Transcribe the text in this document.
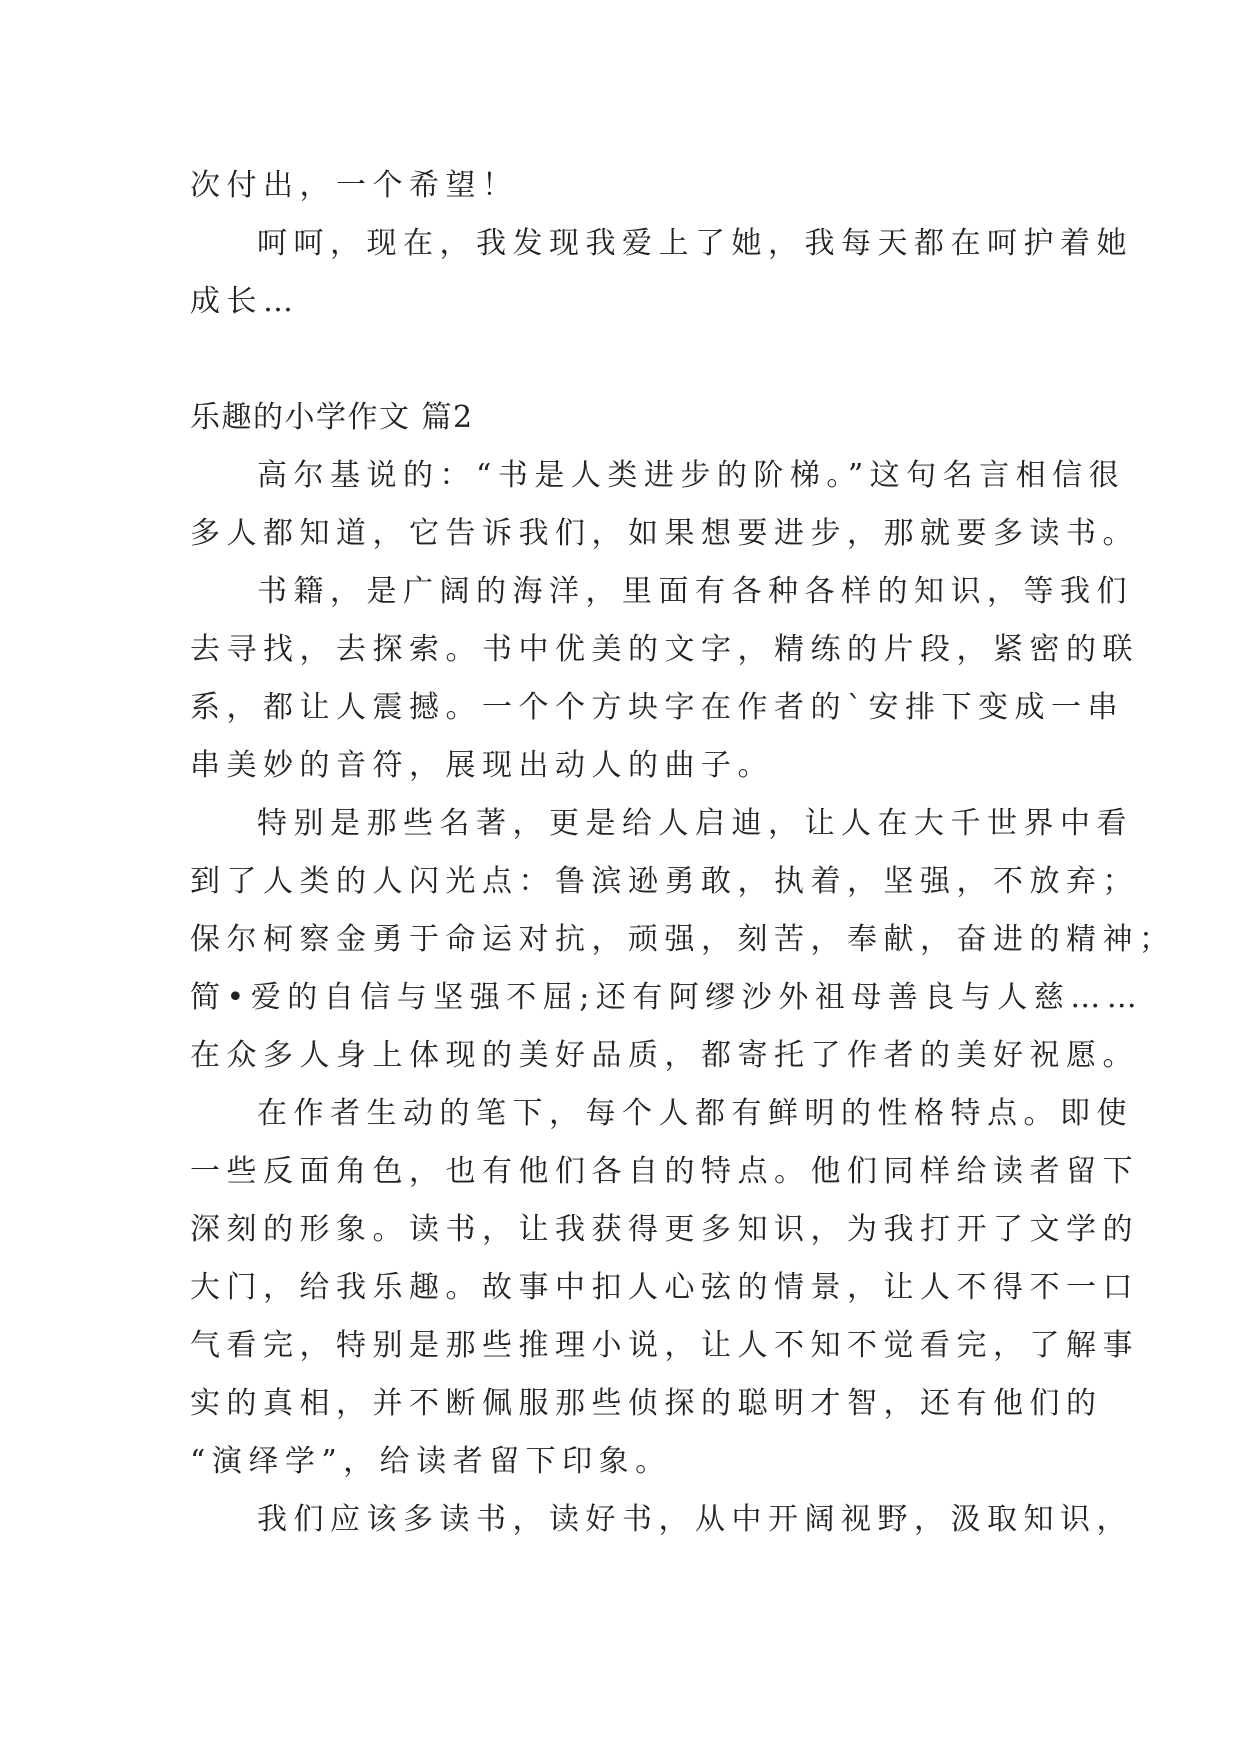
次付出，一个希望！
呵呵，现在，我发现我爱上了她，我每天都在呵护着她
成长…
乐趣的小学作文 篇2
高尔基说的：“书是人类进步的阶梯。”这句名言相信很
多人都知道，它告诉我们，如果想要进步，那就要多读书。
书籍，是广阔的海洋，里面有各种各样的知识，等我们
去寻找，去探索。书中优美的文字，精练的片段，紧密的联
系，都让人震撼。一个个方块字在作者的`安排下变成一串
串美妙的音符，展现出动人的曲子。
特别是那些名著，更是给人启迪，让人在大千世界中看
到了人类的人闪光点：鲁滨逊勇敢，执着，坚强，不放弃；
保尔柯察金勇于命运对抗，顽强，刻苦，奉献，奋进的精神；
简•爱的自信与坚强不屈;还有阿缪沙外祖母善良与人慈……
在众多人身上体现的美好品质，都寄托了作者的美好祝愿。
在作者生动的笔下，每个人都有鲜明的性格特点。即使
一些反面角色，也有他们各自的特点。他们同样给读者留下
深刻的形象。读书，让我获得更多知识，为我打开了文学的
大门，给我乐趣。故事中扣人心弦的情景，让人不得不一口
气看完，特别是那些推理小说，让人不知不觉看完，了解事
实的真相，并不断佩服那些侦探的聪明才智，还有他们的
“演绎学”，给读者留下印象。
我们应该多读书，读好书，从中开阔视野，汲取知识，
